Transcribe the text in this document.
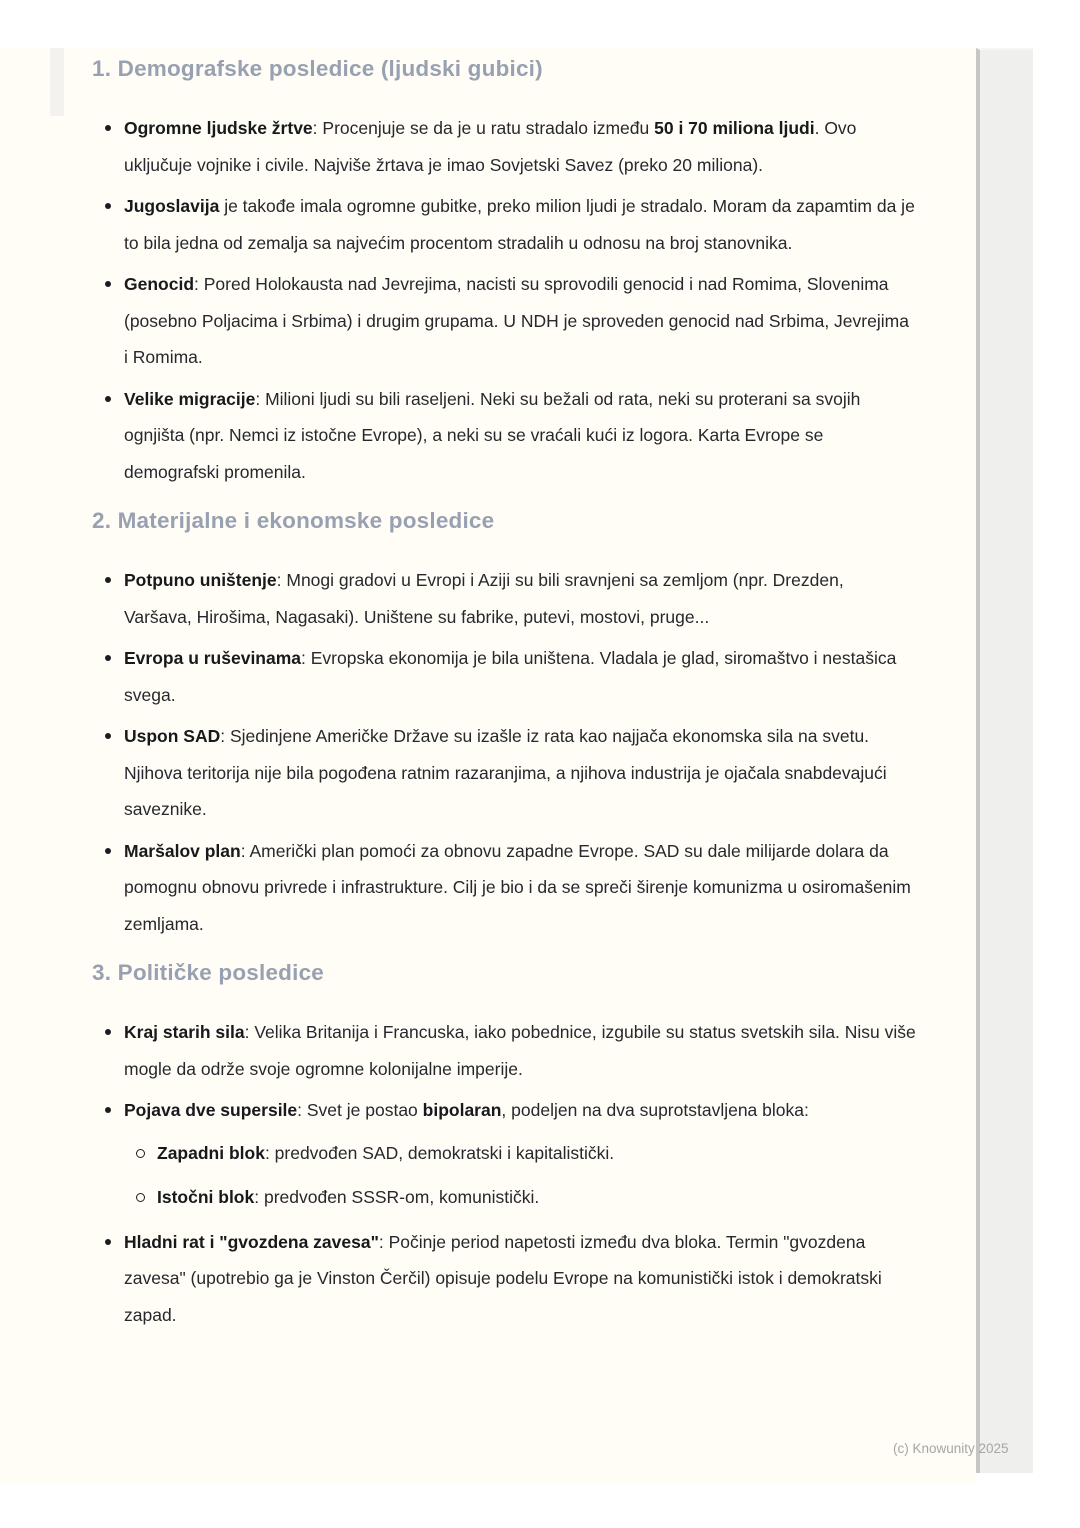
1. Demografske posledice (ljudski gubici)
Ogromne ljudske žrtve: Procenjuje se da je u ratu stradalo između 50 i 70 miliona ljudi. Ovo uključuje vojnike i civile. Najviše žrtava je imao Sovjetski Savez (preko 20 miliona).
Jugoslavija je takođe imala ogromne gubitke, preko milion ljudi je stradalo. Moram da zapamtim da je to bila jedna od zemalja sa najvećim procentom stradalih u odnosu na broj stanovnika.
Genocid: Pored Holokausta nad Jevrejima, nacisti su sprovodili genocid i nad Romima, Slovenima (posebno Poljacima i Srbima) i drugim grupama. U NDH je sproveden genocid nad Srbima, Jevrejima i Romima.
Velike migracije: Milioni ljudi su bili raseljeni. Neki su bežali od rata, neki su proterani sa svojih ognjišta (npr. Nemci iz istočne Evrope), a neki su se vraćali kući iz logora. Karta Evrope se demografski promenila.
2. Materijalne i ekonomske posledice
Potpuno uništenje: Mnogi gradovi u Evropi i Aziji su bili sravnjeni sa zemljom (npr. Drezden, Varšava, Hirošima, Nagasaki). Uništene su fabrike, putevi, mostovi, pruge...
Evropa u ruševinama: Evropska ekonomija je bila uništena. Vladala je glad, siromaštvo i nestašica svega.
Uspon SAD: Sjedinjene Američke Države su izašle iz rata kao najjača ekonomska sila na svetu. Njihova teritorija nije bila pogođena ratnim razaranjima, a njihova industrija je ojačala snabdevajući saveznike.
Maršalov plan: Američki plan pomoći za obnovu zapadne Evrope. SAD su dale milijarde dolara da pomognu obnovu privrede i infrastrukture. Cilj je bio i da se spreči širenje komunizma u osiromašenim zemljama.
3. Političke posledice
Kraj starih sila: Velika Britanija i Francuska, iako pobednice, izgubile su status svetskih sila. Nisu više mogle da održe svoje ogromne kolonijalne imperije.
Pojava dve supersile: Svet je postao bipolaran, podeljen na dva suprotstavljena bloka:
Zapadni blok: predvođen SAD, demokratski i kapitalistički.
Istočni blok: predvođen SSSR-om, komunistički.
Hladni rat i "gvozdena zavesa": Počinje period napetosti između dva bloka. Termin "gvozdena zavesa" (upotrebio ga je Vinston Čerčil) opisuje podelu Evrope na komunistički istok i demokratski zapad.
(c) Knowunity 2025
